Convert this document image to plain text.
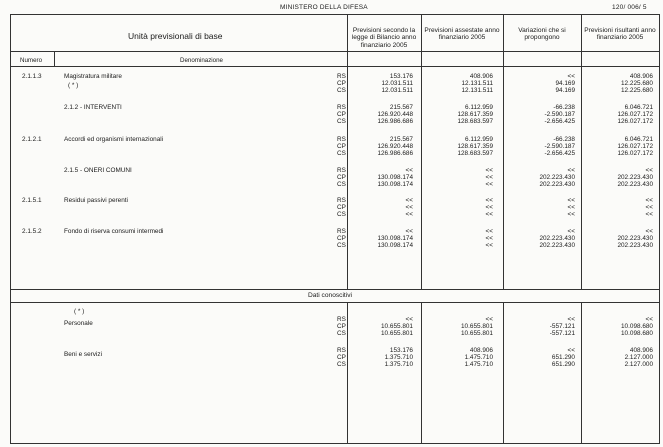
MINISTERO DELLA DIFESA	120/ 006/ 5
Unità previsionali di base
Numero	Denominazione
Previsioni secondo la legge di Bilancio anno finanziario 2005
Previsioni assestate anno finanziario 2005
Variazioni che si propongono
Previsioni risultanti anno finanziario 2005
Dati conoscitivi
2.1.1.3	Magistratura militare
( * )
RS	153.176	408.906	<<	408.906
CP	12.031.511	12.131.511	94.169	12.225.680
CS	12.031.511	12.131.511	94.169	12.225.680
2.1.2 - INTERVENTI	RS	215.567	6.112.959	-66.238	6.046.721
CP	126.920.448	128.617.359	-2.590.187	126.027.172
CS	126.986.686	128.683.597	-2.656.425	126.027.172
2.1.2.1	Accordi ed organismi internazionali	RS	215.567	6.112.959	-66.238	6.046.721
CP	126.920.448	128.617.359	-2.590.187	126.027.172
CS	126.986.686	128.683.597	-2.656.425	126.027.172
2.1.5 - ONERI COMUNI	RS	<<	<<	<<	<<
CP	130.098.174	<<	202.223.430	202.223.430
CS	130.098.174	<<	202.223.430	202.223.430
2.1.5.1	Residui passivi perenti	RS	<<	<<	<<	<<
CP	<<	<<	<<	<<
CS	<<	<<	<<	<<
2.1.5.2	Fondo di riserva consumi intermedi	RS	<<	<<	<<	<<
CP	130.098.174	<<	202.223.430	202.223.430
CS	130.098.174	<<	202.223.430	202.223.430
( * )
Personale
RS	<<	<<	<<	<<
CP	10.655.801	10.655.801	-557.121	10.098.680
CS	10.655.801	10.655.801	-557.121	10.098.680
Beni e servizi
RS	153.176	408.906	<<	408.906
CP	1.375.710	1.475.710	651.290	2.127.000
CS	1.375.710	1.475.710	651.290	2.127.000
